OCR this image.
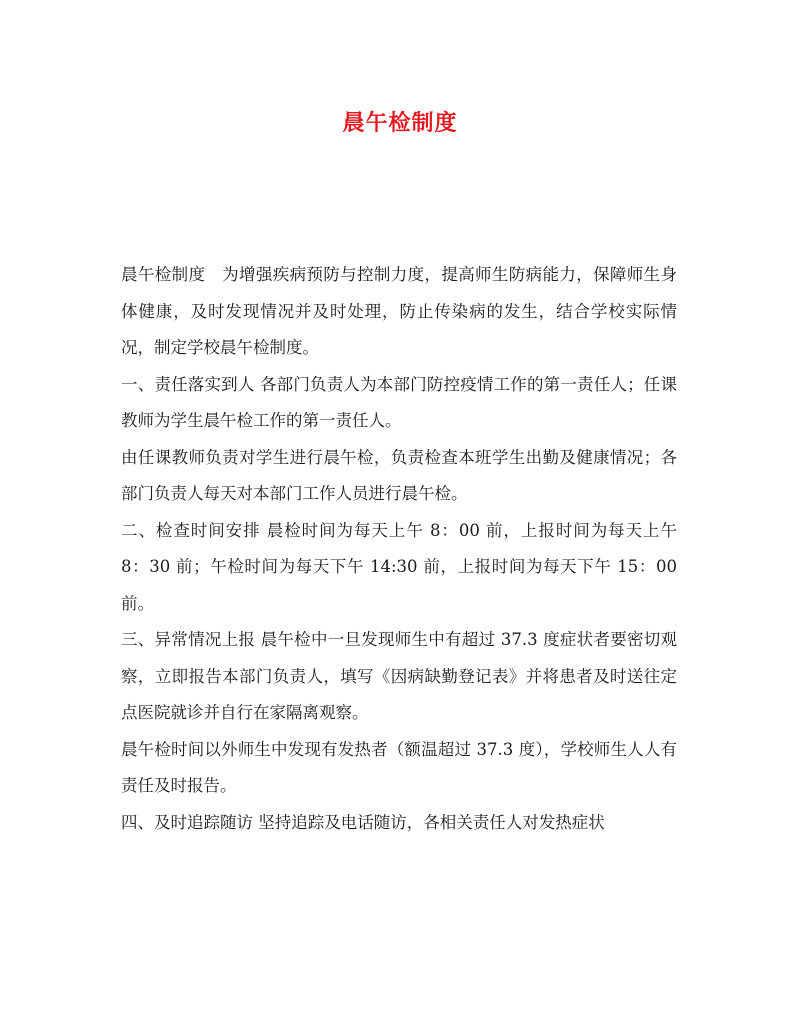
晨午检制度

晨午检制度　为增强疾病预防与控制力度，提高师生防病能力，保障师生身体健康，及时发现情况并及时处理，防止传染病的发生，结合学校实际情况，制定学校晨午检制度。

一、责任落实到人 各部门负责人为本部门防控疫情工作的第一责任人；任课教师为学生晨午检工作的第一责任人。

由任课教师负责对学生进行晨午检，负责检查本班学生出勤及健康情况；各部门负责人每天对本部门工作人员进行晨午检。

二、检查时间安排 晨检时间为每天上午 8：00 前，上报时间为每天上午 8：30 前；午检时间为每天下午 14:30 前，上报时间为每天下午 15：00 前。

三、异常情况上报 晨午检中一旦发现师生中有超过 37.3 度症状者要密切观察，立即报告本部门负责人，填写《因病缺勤登记表》并将患者及时送往定点医院就诊并自行在家隔离观察。

晨午检时间以外师生中发现有发热者（额温超过 37.3 度），学校师生人人有责任及时报告。

四、及时追踪随访 坚持追踪及电话随访，各相关责任人对发热症状
